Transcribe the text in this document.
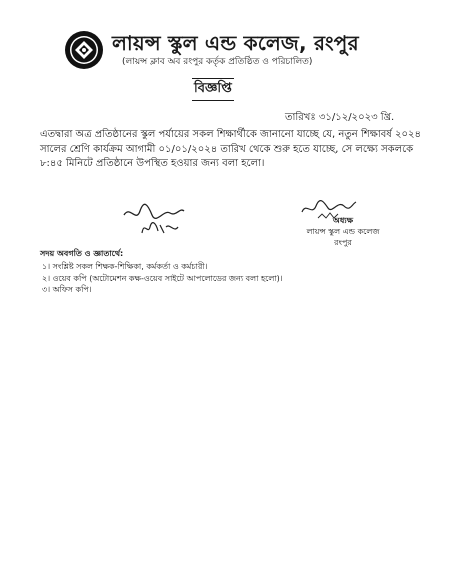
লায়ন্স স্কুল এন্ড কলেজ, রংপুর
(লায়ন্স ক্লাব অব রংপুর কর্তৃক প্রতিষ্ঠিত ও পরিচালিত)
বিজ্ঞপ্তি
তারিখঃ ৩১/১২/২০২৩ খ্রি.
এতদ্বারা অত্র প্রতিষ্ঠানের স্কুল পর্যায়ের সকল শিক্ষার্থীকে জানানো যাচ্ছে যে, নতুন শিক্ষাবর্ষ ২০২৪
সালের শ্রেণি কার্যক্রম আগামী ০১/০১/২০২৪ তারিখ থেকে শুরু হতে যাচ্ছে, সে লক্ষ্যে সকলকে
৮:৪৫ মিনিটে প্রতিষ্ঠানে উপস্থিত হওয়ার জন্য বলা হলো।
অধ্যক্ষ
লায়ন্স স্কুল এন্ড কলেজ
রংপুর
সদয় অবগতি ও জ্ঞাতার্থে:
১। সংশ্লিষ্ট সকল শিক্ষক-শিক্ষিকা, কর্মকর্তা ও কর্মচারী।
২। ওয়েব কপি (অটোমেশন কক্ষ-ওয়েব সাইটে আপলোডের জন্য বলা হলো)।
৩। অফিস কপি।
